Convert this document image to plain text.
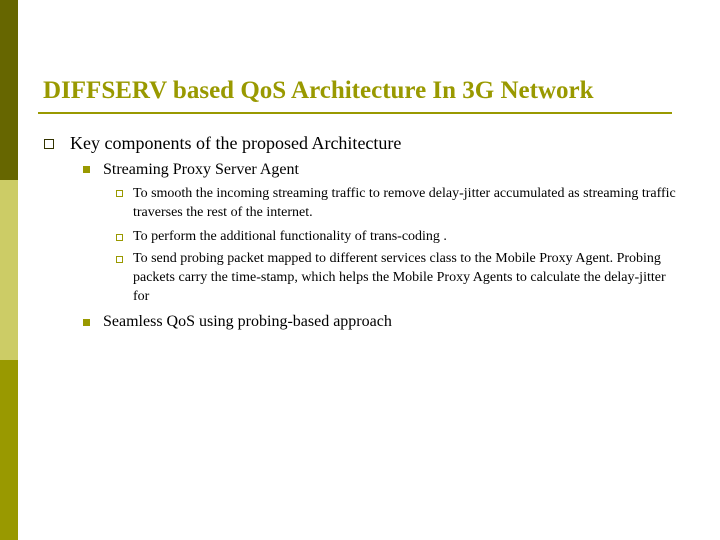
DIFFSERV based QoS Architecture In 3G Network
Key components of the proposed Architecture
Streaming Proxy Server Agent
To smooth the incoming streaming traffic to remove delay-jitter accumulated as streaming traffic traverses the rest of the internet.
To perform the additional functionality of trans-coding .
To send probing packet mapped to different services class to the Mobile Proxy Agent. Probing packets carry the time-stamp, which helps the Mobile Proxy Agents to calculate the delay-jitter for
Seamless QoS using probing-based approach
